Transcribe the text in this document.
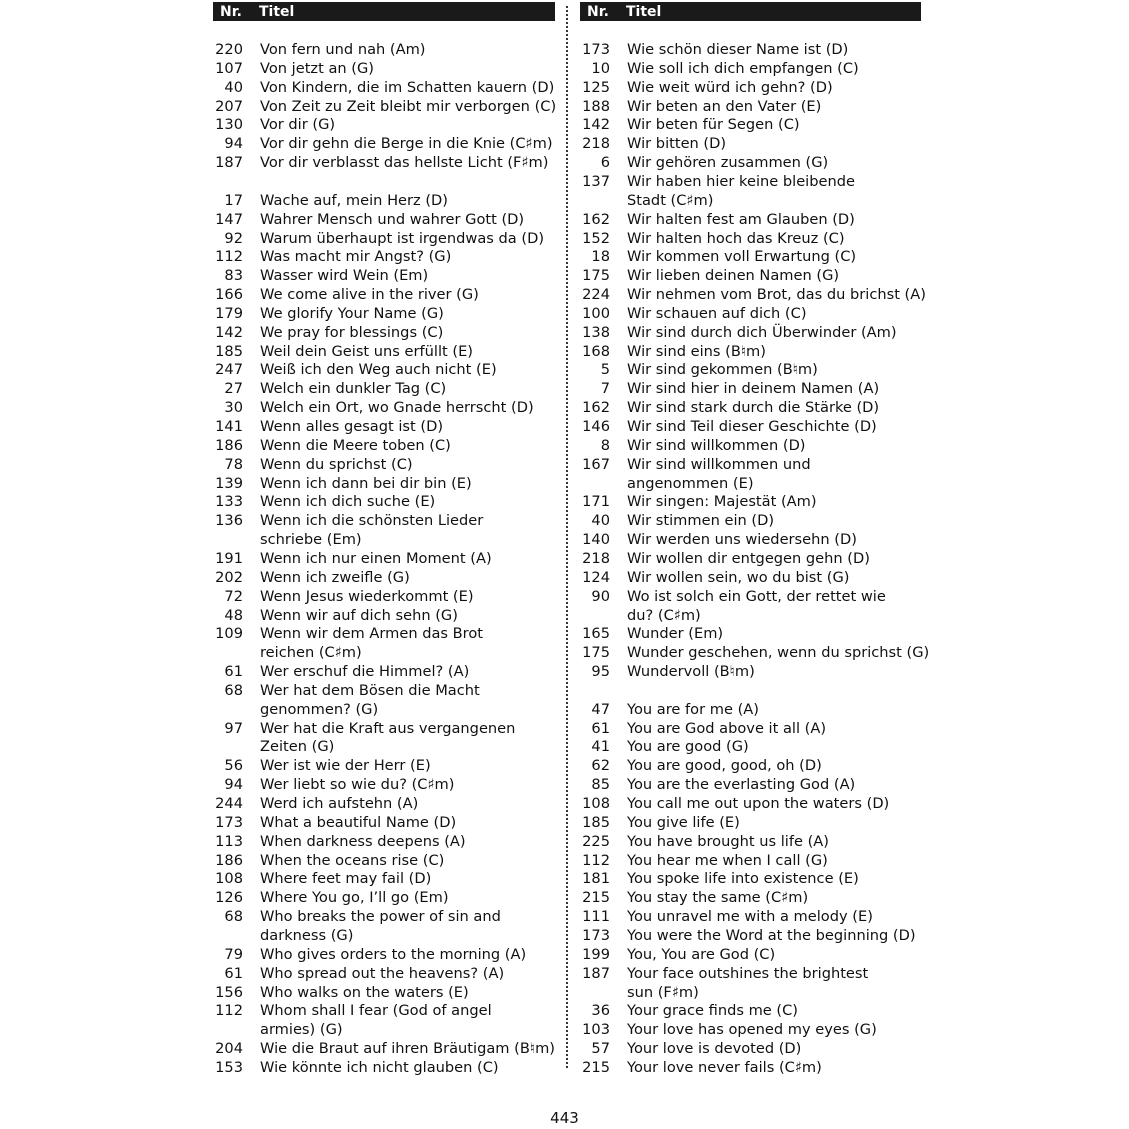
Nr.	Titel
220 Von fern und nah (Am)
107 Von jetzt an (G)
40 Von Kindern, die im Schatten kauern (D)
207 Von Zeit zu Zeit bleibt mir verborgen (C)
130 Vor dir (G)
94 Vor dir gehn die Berge in die Knie (C♯m)
187 Vor dir verblasst das hellste Licht (F♯m)
17 Wache auf, mein Herz (D)
147 Wahrer Mensch und wahrer Gott (D)
92 Warum überhaupt ist irgendwas da (D)
112 Was macht mir Angst? (G)
83 Wasser wird Wein (Em)
166 We come alive in the river (G)
179 We glorify Your Name (G)
142 We pray for blessings (C)
185 Weil dein Geist uns erfüllt (E)
247 Weiß ich den Weg auch nicht (E)
27 Welch ein dunkler Tag (C)
30 Welch ein Ort, wo Gnade herrscht (D)
141 Wenn alles gesagt ist (D)
186 Wenn die Meere toben (C)
78 Wenn du sprichst (C)
139 Wenn ich dann bei dir bin (E)
133 Wenn ich dich suche (E)
136 Wenn ich die schönsten Lieder
schriebe (Em)
191 Wenn ich nur einen Moment (A)
202 Wenn ich zweifle (G)
72 Wenn Jesus wiederkommt (E)
48 Wenn wir auf dich sehn (G)
109 Wenn wir dem Armen das Brot
reichen (C♯m)
61 Wer erschuf die Himmel? (A)
68 Wer hat dem Bösen die Macht
genommen? (G)
97 Wer hat die Kraft aus vergangenen
Zeiten (G)
56 Wer ist wie der Herr (E)
94 Wer liebt so wie du? (C♯m)
244 Werd ich aufstehn (A)
173 What a beautiful Name (D)
113 When darkness deepens (A)
186 When the oceans rise (C)
108 Where feet may fail (D)
126 Where You go, I’ll go (Em)
68 Who breaks the power of sin and
darkness (G)
79 Who gives orders to the morning (A)
61 Who spread out the heavens? (A)
156 Who walks on the waters (E)
112 Whom shall I fear (God of angel
armies) (G)
204 Wie die Braut auf ihren Bräutigam (B♮m)
153 Wie könnte ich nicht glauben (C)
Nr.	Titel
173 Wie schön dieser Name ist (D)
10 Wie soll ich dich empfangen (C)
125 Wie weit würd ich gehn? (D)
188 Wir beten an den Vater (E)
142 Wir beten für Segen (C)
218 Wir bitten (D)
6 Wir gehören zusammen (G)
137 Wir haben hier keine bleibende
Stadt (C♯m)
162 Wir halten fest am Glauben (D)
152 Wir halten hoch das Kreuz (C)
18 Wir kommen voll Erwartung (C)
175 Wir lieben deinen Namen (G)
224 Wir nehmen vom Brot, das du brichst (A)
100 Wir schauen auf dich (C)
138 Wir sind durch dich Überwinder (Am)
168 Wir sind eins (B♮m)
5 Wir sind gekommen (B♮m)
7 Wir sind hier in deinem Namen (A)
162 Wir sind stark durch die Stärke (D)
146 Wir sind Teil dieser Geschichte (D)
8 Wir sind willkommen (D)
167 Wir sind willkommen und
angenommen (E)
171 Wir singen: Majestät (Am)
40 Wir stimmen ein (D)
140 Wir werden uns wiedersehn (D)
218 Wir wollen dir entgegen gehn (D)
124 Wir wollen sein, wo du bist (G)
90 Wo ist solch ein Gott, der rettet wie
du? (C♯m)
165 Wunder (Em)
175 Wunder geschehen, wenn du sprichst (G)
95 Wundervoll (B♮m)
47 You are for me (A)
61 You are God above it all (A)
41 You are good (G)
62 You are good, good, oh (D)
85 You are the everlasting God (A)
108 You call me out upon the waters (D)
185 You give life (E)
225 You have brought us life (A)
112 You hear me when I call (G)
181 You spoke life into existence (E)
215 You stay the same (C♯m)
111 You unravel me with a melody (E)
173 You were the Word at the beginning (D)
199 You, You are God (C)
187 Your face outshines the brightest
sun (F♯m)
36 Your grace finds me (C)
103 Your love has opened my eyes (G)
57 Your love is devoted (D)
215 Your love never fails (C♯m)
443
